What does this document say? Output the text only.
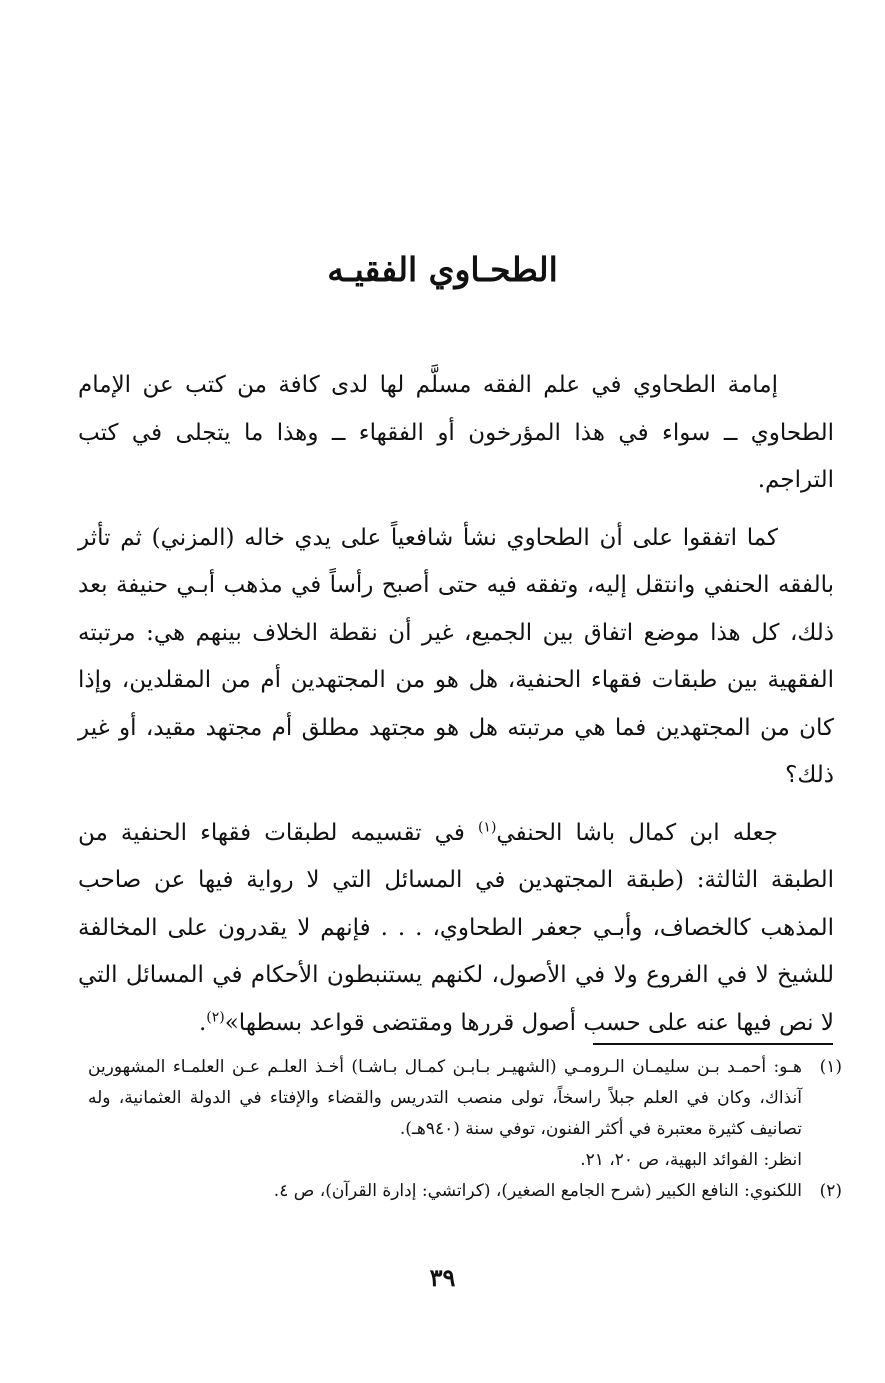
الطحـاوي الفقيـه

إمامة الطحاوي في علم الفقه مسلَّم لها لدى كافة من كتب عن الإمام الطحاوي ــ سواء في هذا المؤرخون أو الفقهاء ــ وهذا ما يتجلى في كتب التراجم.

كما اتفقوا على أن الطحاوي نشأ شافعياً على يدي خاله (المزني) ثم تأثر بالفقه الحنفي وانتقل إليه، وتفقه فيه حتى أصبح رأساً في مذهب أبـي حنيفة بعد ذلك، كل هذا موضع اتفاق بين الجميع، غير أن نقطة الخلاف بينهم هي: مرتبته الفقهية بين طبقات فقهاء الحنفية، هل هو من المجتهدين أم من المقلدين، وإذا كان من المجتهدين فما هي مرتبته هل هو مجتهد مطلق أم مجتهد مقيد، أو غير ذلك؟

جعله ابن كمال باشا الحنفي$^{(١)}$ في تقسيمه لطبقات فقهاء الحنفية من الطبقة الثالثة: (طبقة المجتهدين في المسائل التي لا رواية فيها عن صاحب المذهب كالخصاف، وأبـي جعفر الطحاوي، . . . فإنهم لا يقدرون على المخالفة للشيخ لا في الفروع ولا في الأصول، لكنهم يستنبطون الأحكام في المسائل التي لا نص فيها عنه على حسب أصول قررها ومقتضى قواعد بسطها»$^{(٢)}$.

(١)
هـو: أحمـد بـن سليمـان الـرومـي (الشهيـر بـابـن كمـال بـاشـا) أخـذ العلـم عـن العلمـاء المشهورين آنذاك، وكان في العلم جبلاً راسخاً، تولى منصب التدريس والقضاء والإفتاء في الدولة العثمانية، وله تصانيف كثيرة معتبرة في أكثر الفنون، توفي سنة (٩٤٠هـ).
انظر: الفوائد البهية، ص ٢٠، ٢١.
(٢)
اللكنوي: النافع الكبير (شرح الجامع الصغير)، (كراتشي: إدارة القرآن)، ص ٤.
٣٩
